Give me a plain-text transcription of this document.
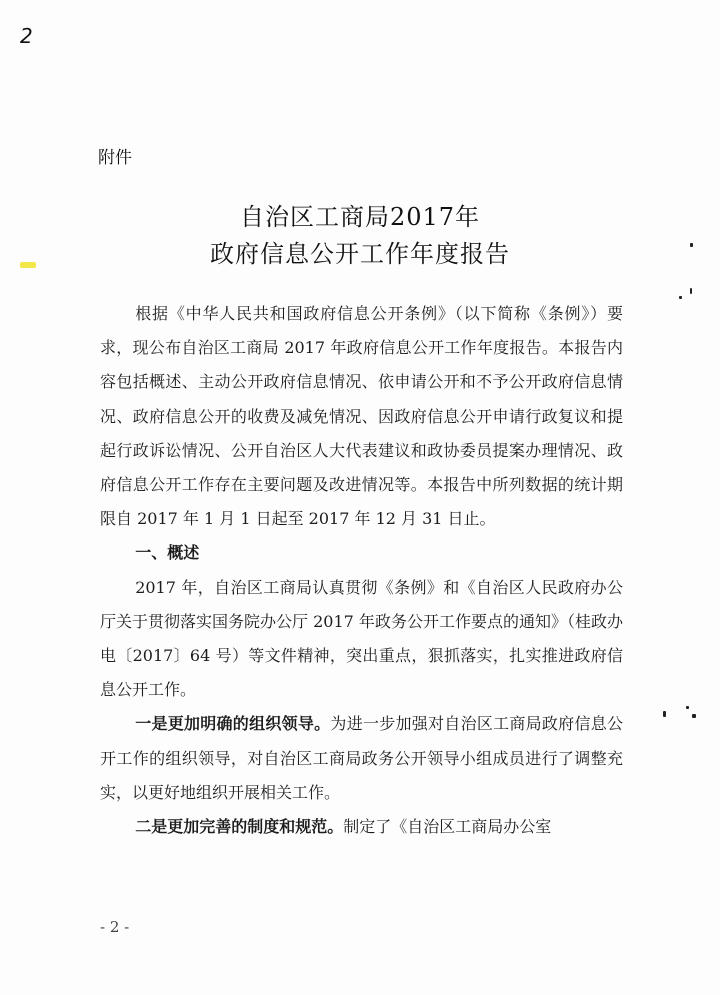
2
附件
自治区工商局2017年
政府信息公开工作年度报告

根据《中华人民共和国政府信息公开条例》（以下简称《条例》）要求，现公布自治区工商局 2017 年政府信息公开工作年度报告。本报告内容包括概述、主动公开政府信息情况、依申请公开和不予公开政府信息情况、政府信息公开的收费及减免情况、因政府信息公开申请行政复议和提起行政诉讼情况、公开自治区人大代表建议和政协委员提案办理情况、政府信息公开工作存在主要问题及改进情况等。本报告中所列数据的统计期限自 2017 年 1 月 1 日起至 2017 年 12 月 31 日止。

一、概述

2017 年，自治区工商局认真贯彻《条例》和《自治区人民政府办公厅关于贯彻落实国务院办公厅 2017 年政务公开工作要点的通知》（桂政办电〔2017〕64 号）等文件精神，突出重点，狠抓落实，扎实推进政府信息公开工作。

一是更加明确的组织领导。为进一步加强对自治区工商局政府信息公开工作的组织领导，对自治区工商局政务公开领导小组成员进行了调整充实，以更好地组织开展相关工作。

二是更加完善的制度和规范。制定了《自治区工商局办公室

- 2 -
